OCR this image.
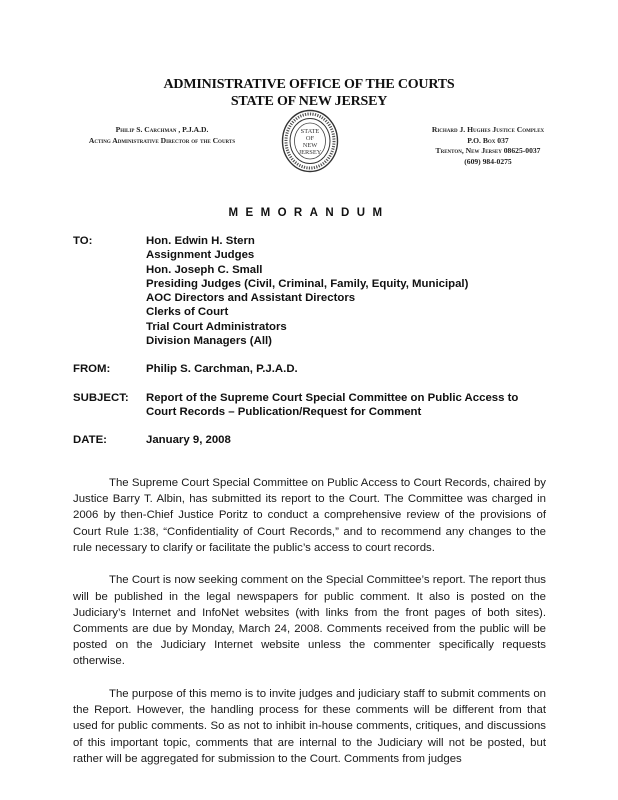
ADMINISTRATIVE OFFICE OF THE COURTS
STATE OF NEW JERSEY
Philip S. Carchman , P.J.A.D.
Acting Administrative Director of the Courts
STATE
OF
NEW
JERSEY
Richard J. Hughes Justice Complex
P.O. Box 037
Trenton, New Jersey 08625-0037
(609) 984-0275
MEMORANDUM
TO:	Hon. Edwin H. Stern
Assignment Judges
Hon. Joseph C. Small
Presiding Judges (Civil, Criminal, Family, Equity, Municipal)
AOC Directors and Assistant Directors
Clerks of Court
Trial Court Administrators
Division Managers (All)
FROM:	Philip S. Carchman, P.J.A.D.
SUBJECT:	Report of the Supreme Court Special Committee on Public Access to
Court Records – Publication/Request for Comment
DATE:	January 9, 2008

The Supreme Court Special Committee on Public Access to Court Records, chaired by Justice Barry T. Albin, has submitted its report to the Court. The Committee was charged in 2006 by then-Chief Justice Poritz to conduct a comprehensive review of the provisions of Court Rule 1:38, “Confidentiality of Court Records,” and to recommend any changes to the rule necessary to clarify or facilitate the public’s access to court records.

The Court is now seeking comment on the Special Committee’s report. The report thus will be published in the legal newspapers for public comment. It also is posted on the Judiciary’s Internet and InfoNet websites (with links from the front pages of both sites). Comments are due by Monday, March 24, 2008. Comments received from the public will be posted on the Judiciary Internet website unless the commenter specifically requests otherwise.

The purpose of this memo is to invite judges and judiciary staff to submit comments on the Report. However, the handling process for these comments will be different from that used for public comments. So as not to inhibit in-house comments, critiques, and discussions of this important topic, comments that are internal to the Judiciary will not be posted, but rather will be aggregated for submission to the Court. Comments from judges
